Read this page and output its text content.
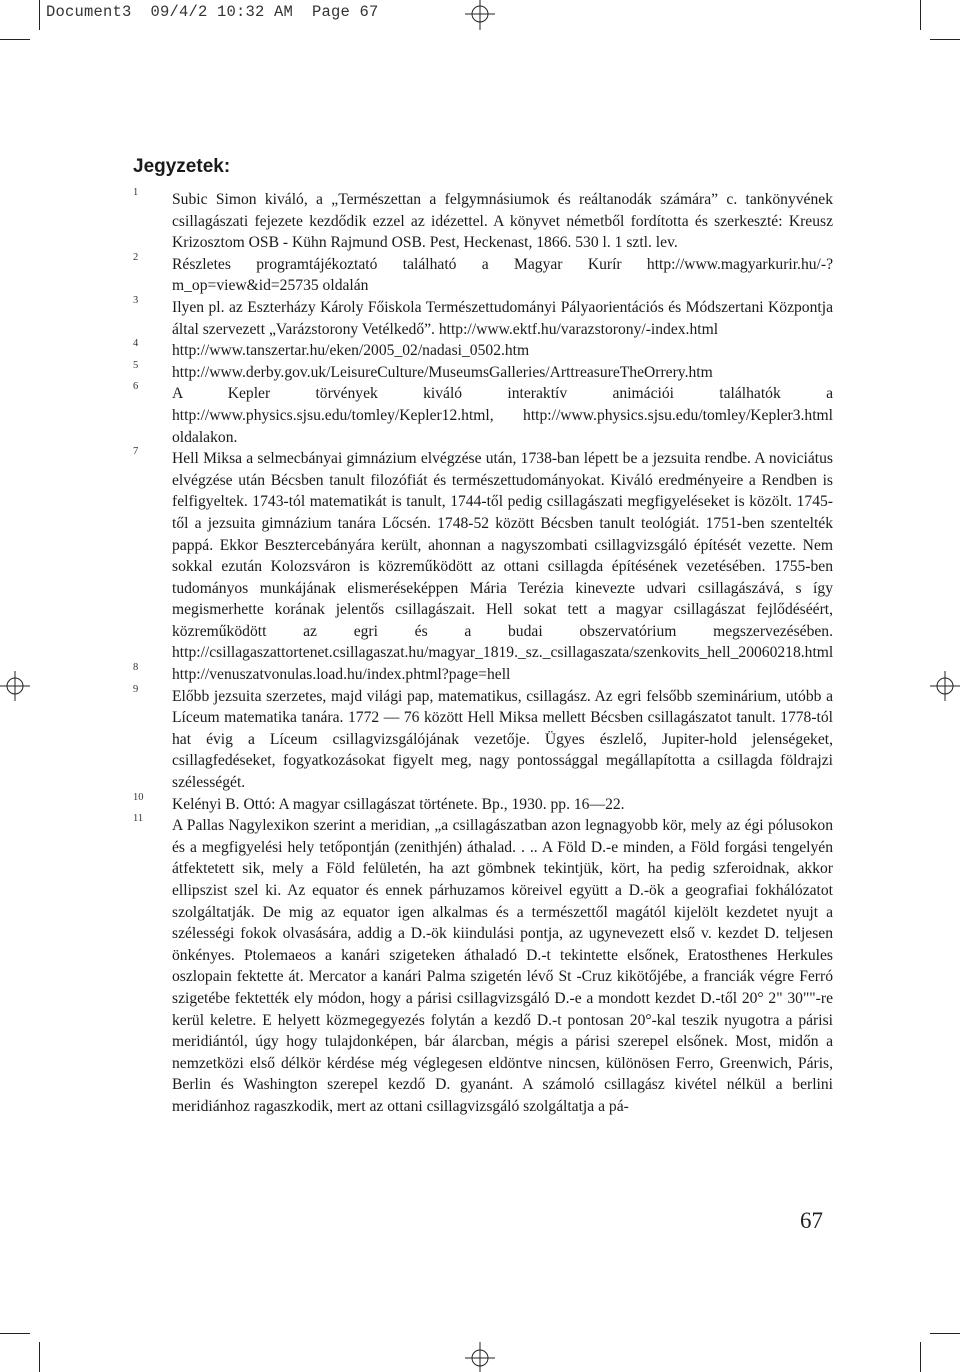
Document3  09/4/2 10:32 AM  Page 67
Jegyzetek:
1 Subic Simon kiváló, a „Természettan a felgymnásiumok és reáltanodák számára” c. tankönyvének csillagászati fejezete kezdődik ezzel az idézettel. A könyvet németből fordította és szerkeszté: Kreusz Krizosztom OSB - Kühn Rajmund OSB. Pest, Heckenast, 1866. 530 l. 1 sztl. lev.

2 Részletes programtájékoztató található a Magyar Kurír http://www.magyarkurir.hu/-?m_op=view&id=25735 oldalán

3 Ilyen pl. az Eszterházy Károly Főiskola Természettudományi Pályaorientációs és Módszertani Központja által szervezett „Varázstorony Vetélkedő”. http://www.ektf.hu/varazstorony/-index.html

4 http://www.tanszertar.hu/eken/2005_02/nadasi_0502.htm

5 http://www.derby.gov.uk/LeisureCulture/MuseumsGalleries/ArttreasureTheOrrery.htm

6 A Kepler törvények kiváló interaktív animációi találhatók a http://www.physics.sjsu.edu/tomley/Kepler12.html, http://www.physics.sjsu.edu/tomley/Kepler3.html oldalakon.

7 Hell Miksa a selmecbányai gimnázium elvégzése után, 1738-ban lépett be a jezsuita rendbe. A noviciátus elvégzése után Bécsben tanult filozófiát és természettudományokat. Kiváló eredményeire a Rendben is felfigyeltek. 1743-tól matematikát is tanult, 1744-től pedig csillagászati megfigyeléseket is közölt. 1745-től a jezsuita gimnázium tanára Lőcsén. 1748-52 között Bécsben tanult teológiát. 1751-ben szentelték pappá. Ekkor Besztercebányára került, ahonnan a nagyszombati csillagvizsgáló építését vezette. Nem sokkal ezután Kolozsváron is közreműködött az ottani csillagda építésének vezetésében. 1755-ben tudományos munkájának elismeréseképpen Mária Terézia kinevezte udvari csillagászává, s így megismerhette korának jelentős csillagászait. Hell sokat tett a magyar csillagászat fejlődéséért, közreműködött az egri és a budai obszervatórium megszervezésében. http://csillagaszattortenet.csillagaszat.hu/magyar_1819._sz._csillagaszata/szenkovits_hell_20060218.html

8 http://venuszatvonulas.load.hu/index.phtml?page=hell

9 Előbb jezsuita szerzetes, majd világi pap, matematikus, csillagász. Az egri felsőbb szeminárium, utóbb a Líceum matematika tanára. 1772 — 76 között Hell Miksa mellett Bécsben csillagászatot tanult. 1778-tól hat évig a Líceum csillagvizsgálójának vezetője. Ügyes észlelő, Jupiter-hold jelenségeket, csillagfedéseket, fogyatkozásokat figyelt meg, nagy pontossággal megállapította a csillagda földrajzi szélességét.

10 Kelényi B. Ottó: A magyar csillagászat története. Bp., 1930. pp. 16—22.

11 A Pallas Nagylexikon szerint a meridian, „a csillagászatban azon legnagyobb kör, mely az égi pólusokon és a megfigyelési hely tetőpontján (zenithjén) áthalad. . .. A Föld D.-e minden, a Föld forgási tengelyén átfektetett sik, mely a Föld felületén, ha azt gömbnek tekintjük, kört, ha pedig szferoidnak, akkor ellipszist szel ki. Az equator és ennek párhuzamos köreivel együtt a D.-ök a geografiai fokhálózatot szolgáltatják. De mig az equator igen alkalmas és a természettől magától kijelölt kezdetet nyujt a szélességi fokok olvasására, addig a D.-ök kiindulási pontja, az ugynevezett első v. kezdet D. teljesen önkényes. Ptolemaeos a kanári szigeteken áthaladó D.-t tekintette elsőnek, Eratosthenes Herkules oszlopain fektette át. Mercator a kanári Palma szigetén lévő St -Cruz kikötőjébe, a franciák végre Ferró szigetébe fektették ely módon, hogy a párisi csillagvizsgáló D.-e a mondott kezdet D.-től 20° 2" 30""-re kerül keletre. E helyett közmegegyezés folytán a kezdő D.-t pontosan 20°-kal teszik nyugotra a párisi meridiántól, úgy hogy tulajdonképen, bár álarcban, mégis a párisi szerepel elsőnek. Most, midőn a nemzetközi első délkör kérdése még véglegesen eldöntve nincsen, különösen Ferro, Greenwich, Páris, Berlin és Washington szerepel kezdő D. gyanánt. A számoló csillagász kivétel nélkül a berlini meridiánhoz ragaszkodik, mert az ottani csillagvizsgáló szolgáltatja a pá-

67
